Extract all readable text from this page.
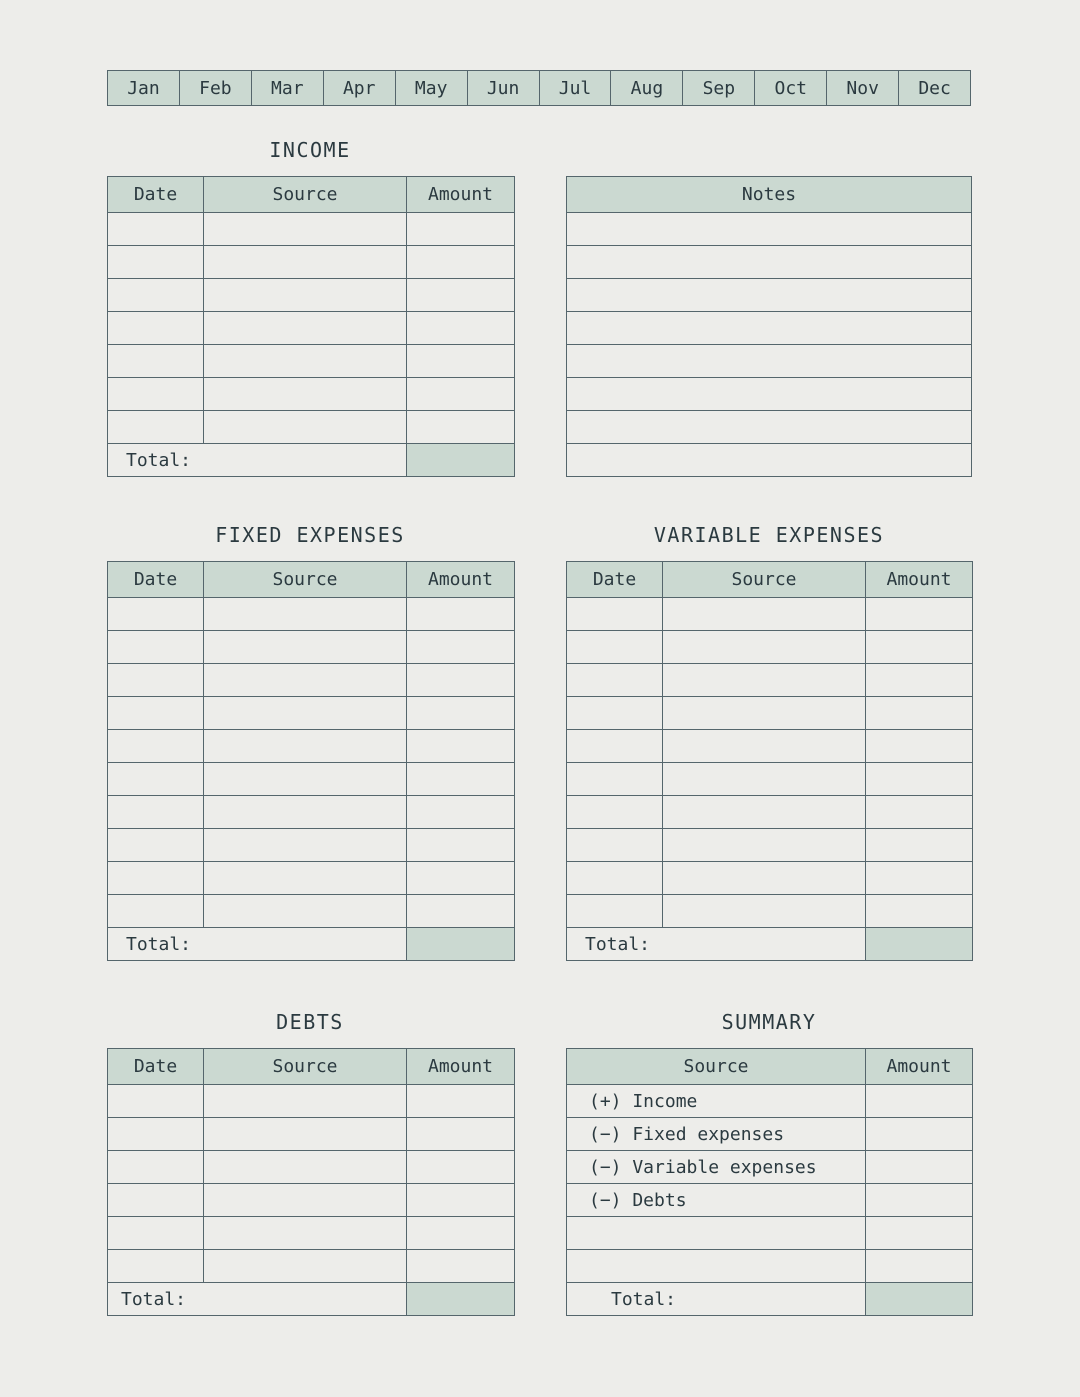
Jan	Feb	Mar	Apr	May	Jun	Jul	Aug	Sep	Oct	Nov	Dec
INCOME
Date	Source	Amount

Total:		
Notes

FIXED EXPENSES
Date	Source	Amount

Total:		
VARIABLE EXPENSES
Date	Source	Amount

Total:		
DEBTS
Date	Source	Amount

Total:		
SUMMARY
Source	Amount
(+) Income	
(−) Fixed expenses	
(−) Variable expenses	
(−) Debts	

Total:	
